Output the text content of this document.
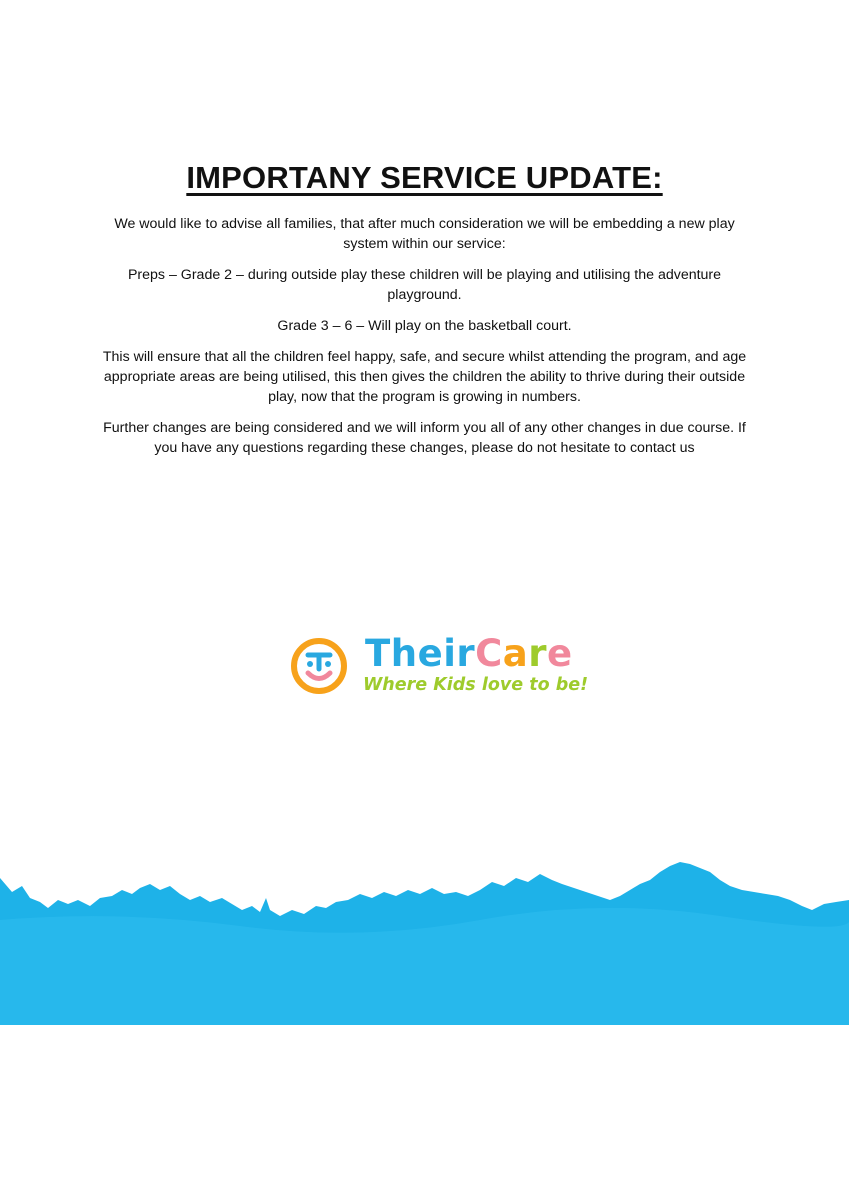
IMPORTANY SERVICE UPDATE:

We would like to advise all families, that after much consideration we will be embedding a new play system within our service:

Preps – Grade 2 – during outside play these children will be playing and utilising the adventure playground.

Grade 3 – 6 – Will play on the basketball court.

This will ensure that all the children feel happy, safe, and secure whilst attending the program, and age appropriate areas are being utilised, this then gives the children the ability to thrive during their outside play, now that the program is growing in numbers.

Further changes are being considered and we will inform you all of any other changes in due course. If you have any questions regarding these changes, please do not hesitate to contact us

TheirCare
Where Kids love to be!
